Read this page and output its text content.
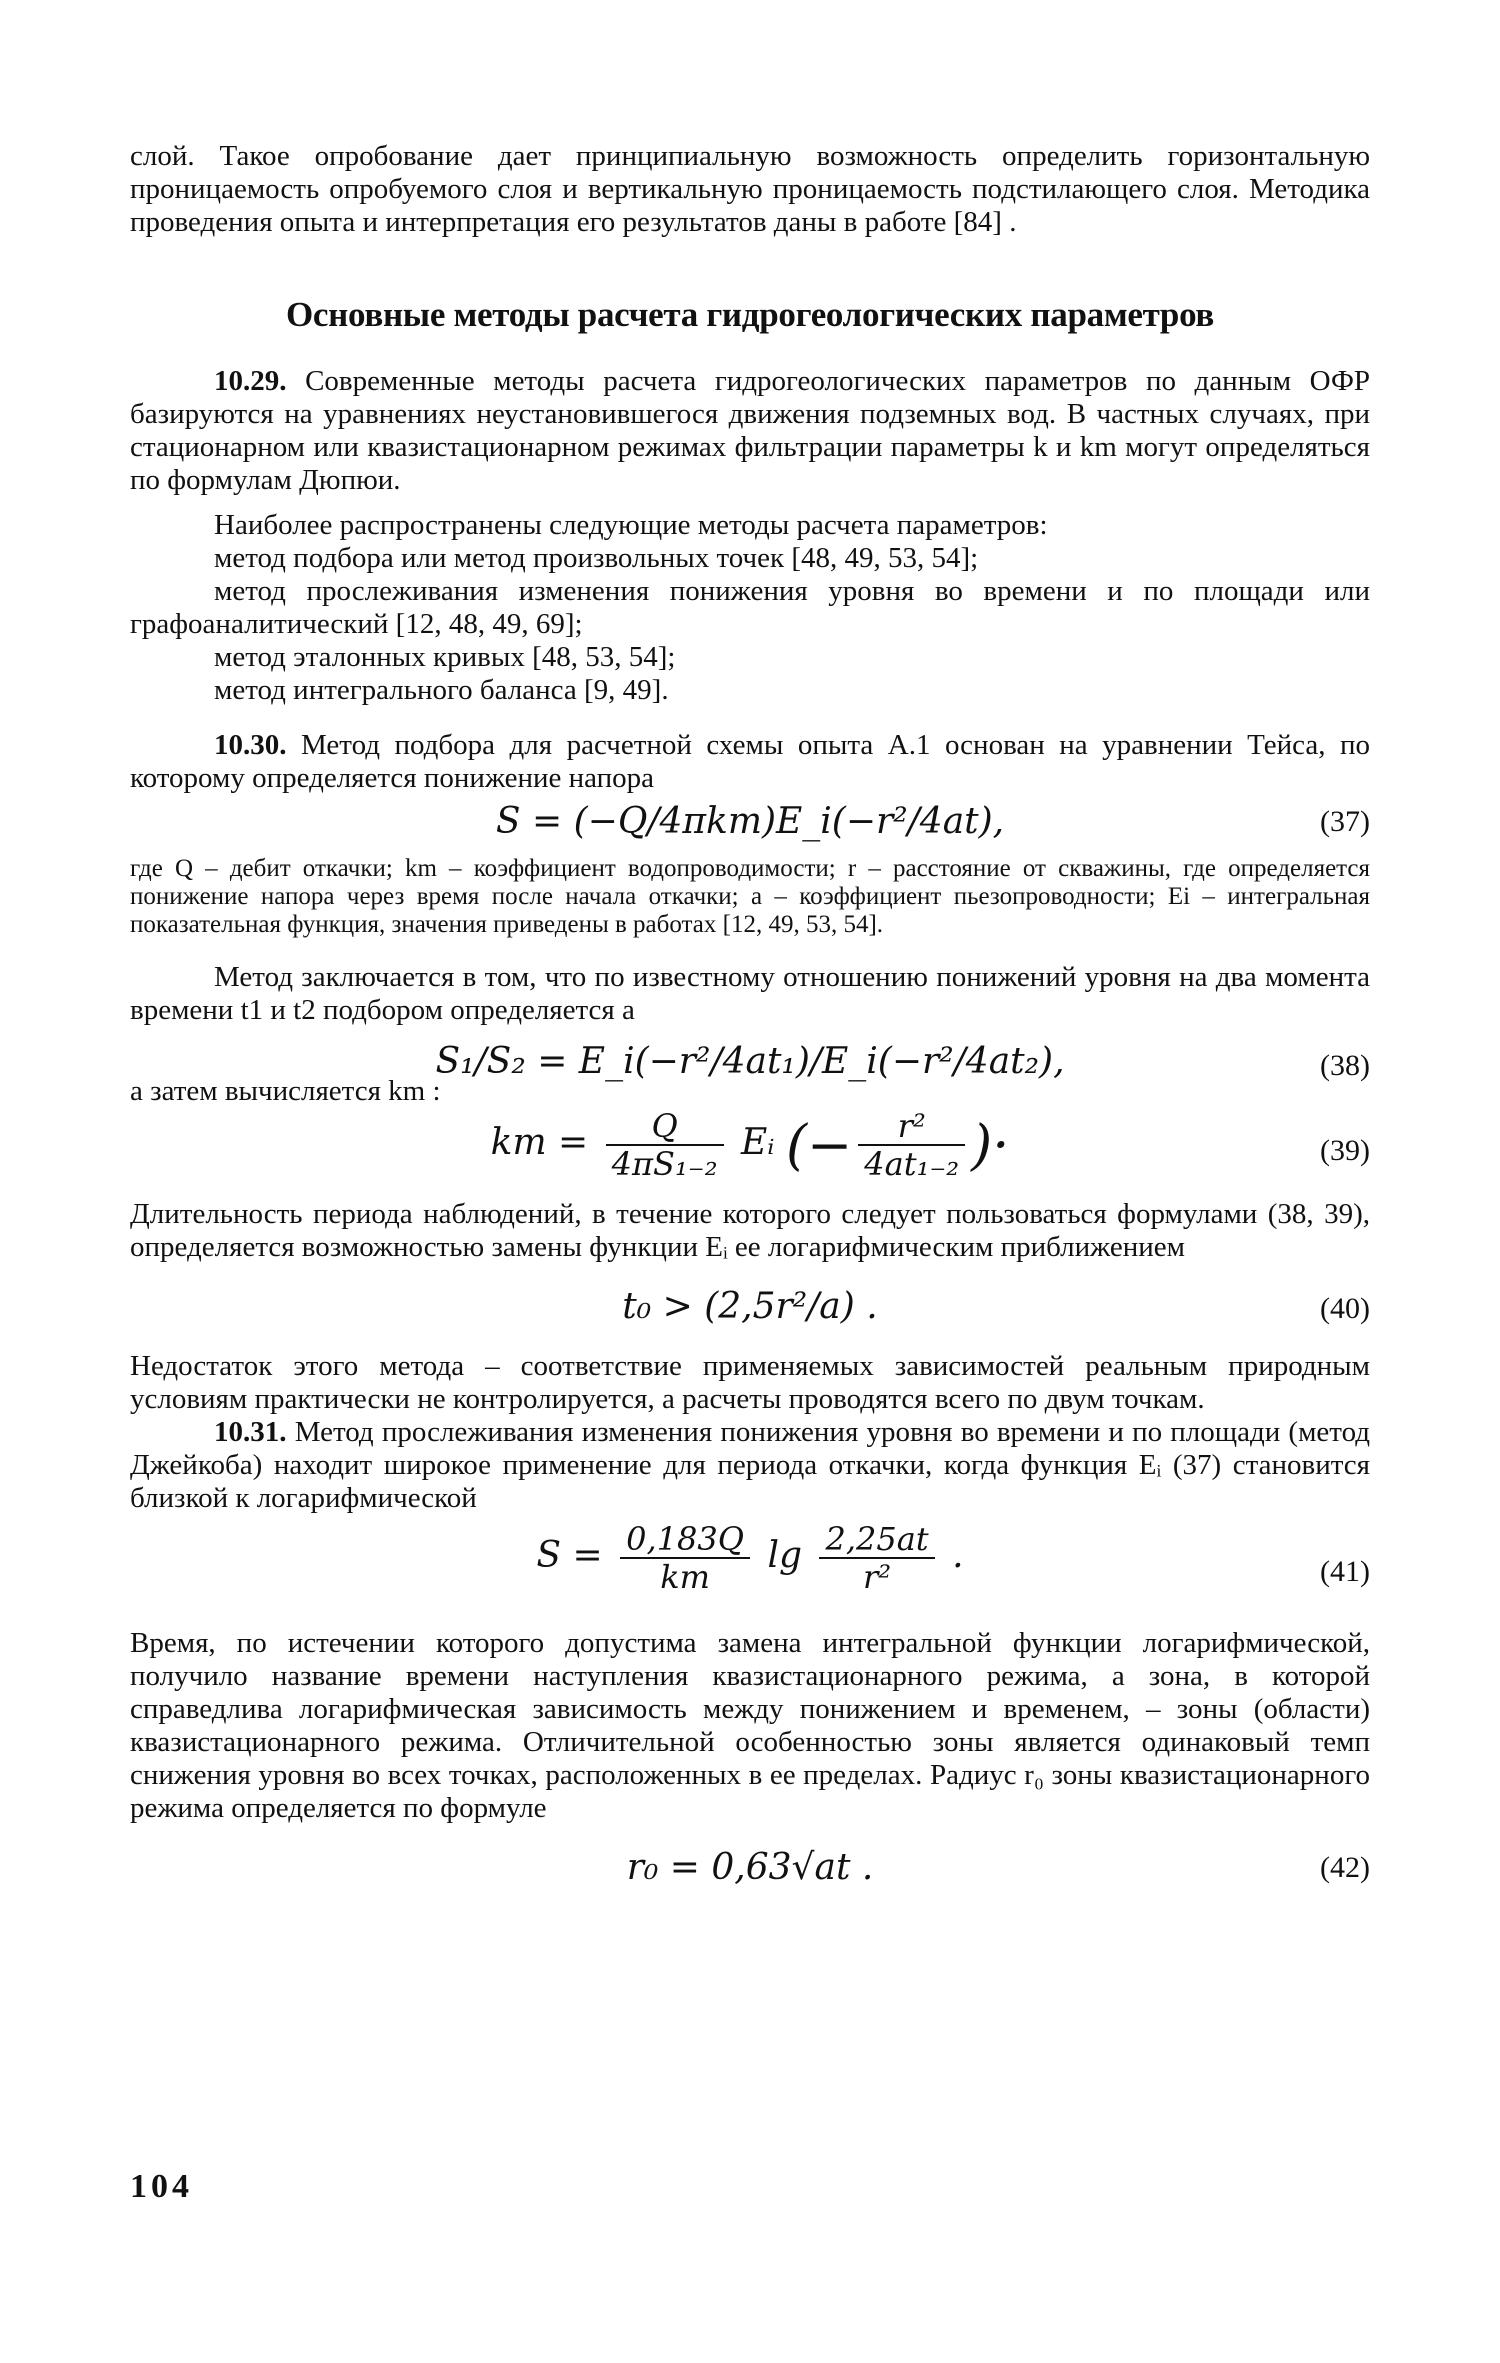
слой. Такое опробование дает принципиальную возможность определить горизонтальную проницаемость опробуемого слоя и вертикальную проницаемость подстилающего слоя. Методика проведения опыта и интерпретация его результатов даны в работе [84] .

Основные методы расчета гидрогеологических параметров

10.29. Современные методы расчета гидрогеологических параметров по данным ОФР базируются на уравнениях неустановившегося движения подземных вод. В частных случаях, при стационарном или квазистационарном режимах фильтрации параметры k и km могут определяться по формулам Дюпюи.

Наиболее распространены следующие методы расчета параметров:

метод подбора или метод произвольных точек [48, 49, 53, 54];

метод прослеживания изменения понижения уровня во времени и по площади или графоаналитический [12, 48, 49, 69];

метод эталонных кривых [48, 53, 54];

метод интегрального баланса [9, 49].

10.30. Метод подбора для расчетной схемы опыта А.1 основан на уравнении Тейса, по которому определяется понижение напора

S = (−Q/4πkm)E_i(−r²/4at),	(37)

где Q – дебит откачки; km – коэффициент водопроводимости; r – расстояние от скважины, где определяется понижение напора через время после начала откачки; a – коэффициент пьезопроводности; Ei – интегральная показательная функция, значения приведены в работах [12, 49, 53, 54].

Метод заключается в том, что по известному отношению понижений уровня на два момента времени t1 и t2 подбором определяется a

S₁/S₂ = E_i(−r²/4at₁)/E_i(−r²/4at₂),	(38)

а затем вычисляется km :

km = $\frac{Q}{\text{4πS₁₋₂}}$ Eᵢ (− $\frac{\text{r²}}{\text{4at₁₋₂}}$ )·	(39)

Длительность периода наблюдений, в течение которого следует пользоваться формулами (38, 39), определяется возможностью замены функции Eᵢ ее логарифмическим приближением

t₀ > (2,5r²/a) .	(40)

Недостаток этого метода – соответствие применяемых зависимостей реальным природным условиям практически не контролируется, а расчеты проводятся всего по двум точкам.

10.31. Метод прослеживания изменения понижения уровня во времени и по площади (метод Джейкоба) находит широкое применение для периода откачки, когда функция Eᵢ (37) становится близкой к логарифмической

$S = \frac{0,183Q}{km}$ $\lg \frac{2,25at}{\text{r²}}$ .	(41)

Время, по истечении которого допустима замена интегральной функции логарифмической, получило название времени наступления квазистационарного режима, а зона, в которой справедлива логарифмическая зависимость между понижением и временем, – зоны (области) квазистационарного режима. Отличительной особенностью зоны является одинаковый темп снижения уровня во всех точках, расположенных в ее пределах. Радиус r₀ зоны квазистационарного режима определяется по формуле

r₀ = 0,63√at .	(42)
104
